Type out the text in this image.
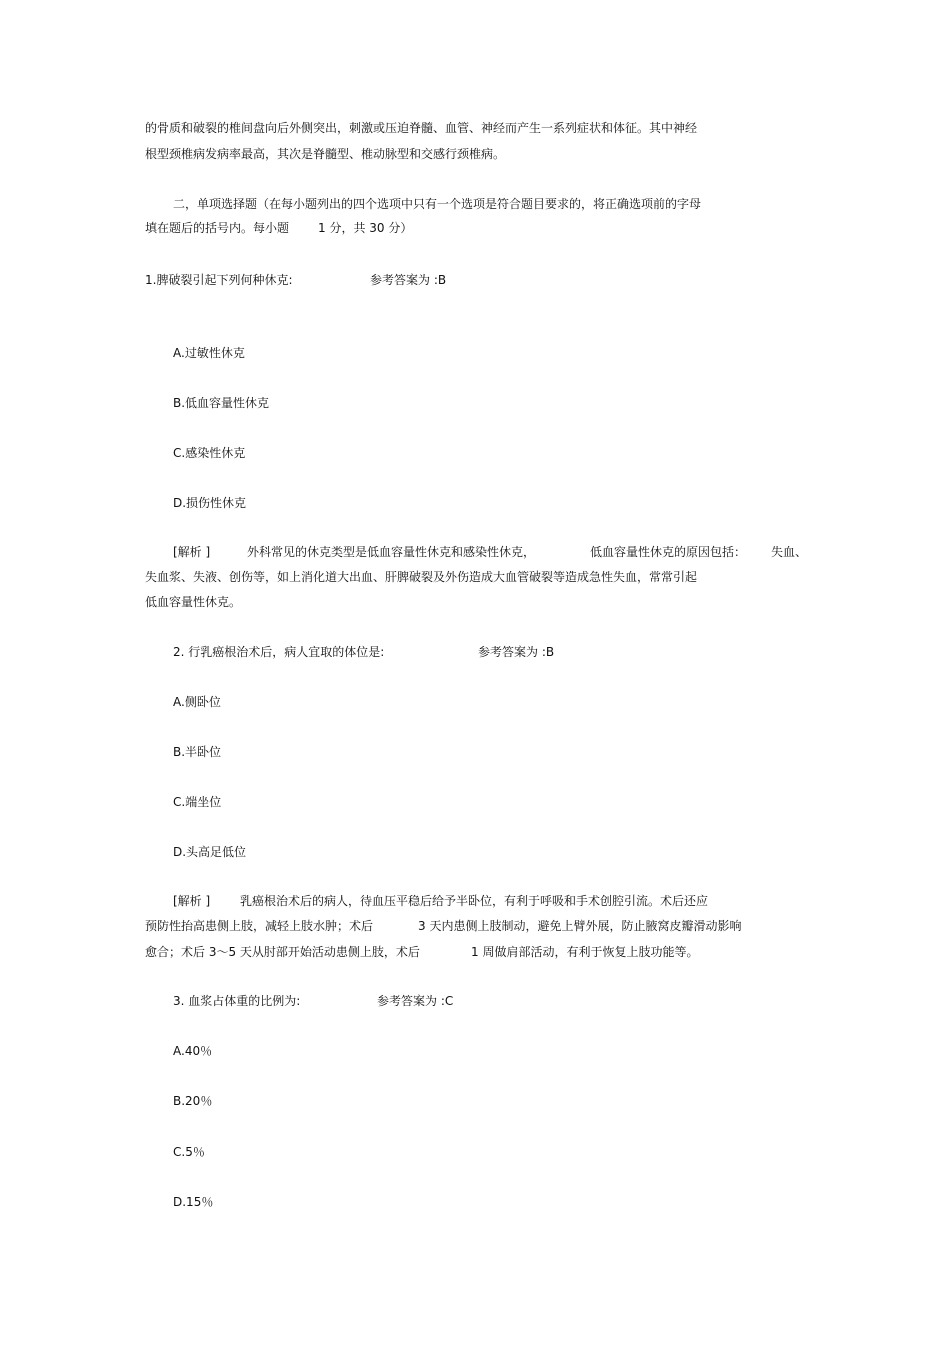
的骨质和破裂的椎间盘向后外侧突出，刺激或压迫脊髓、血管、神经而产生一系列症状和体征。其中神经
根型颈椎病发病率最高，其次是脊髓型、椎动脉型和交感行颈椎病。
二，单项选择题（在每小题列出的四个选项中只有一个选项是符合题目要求的，将正确选项前的字母
填在题后的括号内。每小题 1 分，共 30 分）
1.脾破裂引起下列何种休克:	参考答案为 :B
A.过敏性休克
B.低血容量性休克
C.感染性休克
D.损伤性休克
[解析 ]	外科常见的休克类型是低血容量性休克和感染性休克，	低血容量性休克的原因包括： 失血、
失血浆、失液、创伤等，如上消化道大出血、肝脾破裂及外伤造成大血管破裂等造成急性失血，常常引起
低血容量性休克。
2. 行乳癌根治术后，病人宜取的体位是:	参考答案为 :B
A.侧卧位
B.半卧位
C.端坐位
D.头高足低位
[解析 ] 乳癌根治术后的病人，待血压平稳后给予半卧位，有利于呼吸和手术创腔引流。术后还应
预防性抬高患侧上肢，减轻上肢水肿；术后	3 天内患侧上肢制动，避免上臂外展，防止腋窝皮瓣滑动影响
愈合；术后 3～5 天从肘部开始活动患侧上肢，术后	1 周做肩部活动，有利于恢复上肢功能等。
3. 血浆占体重的比例为:	参考答案为 :C
A.40％
B.20％
C.5％
D.15％
